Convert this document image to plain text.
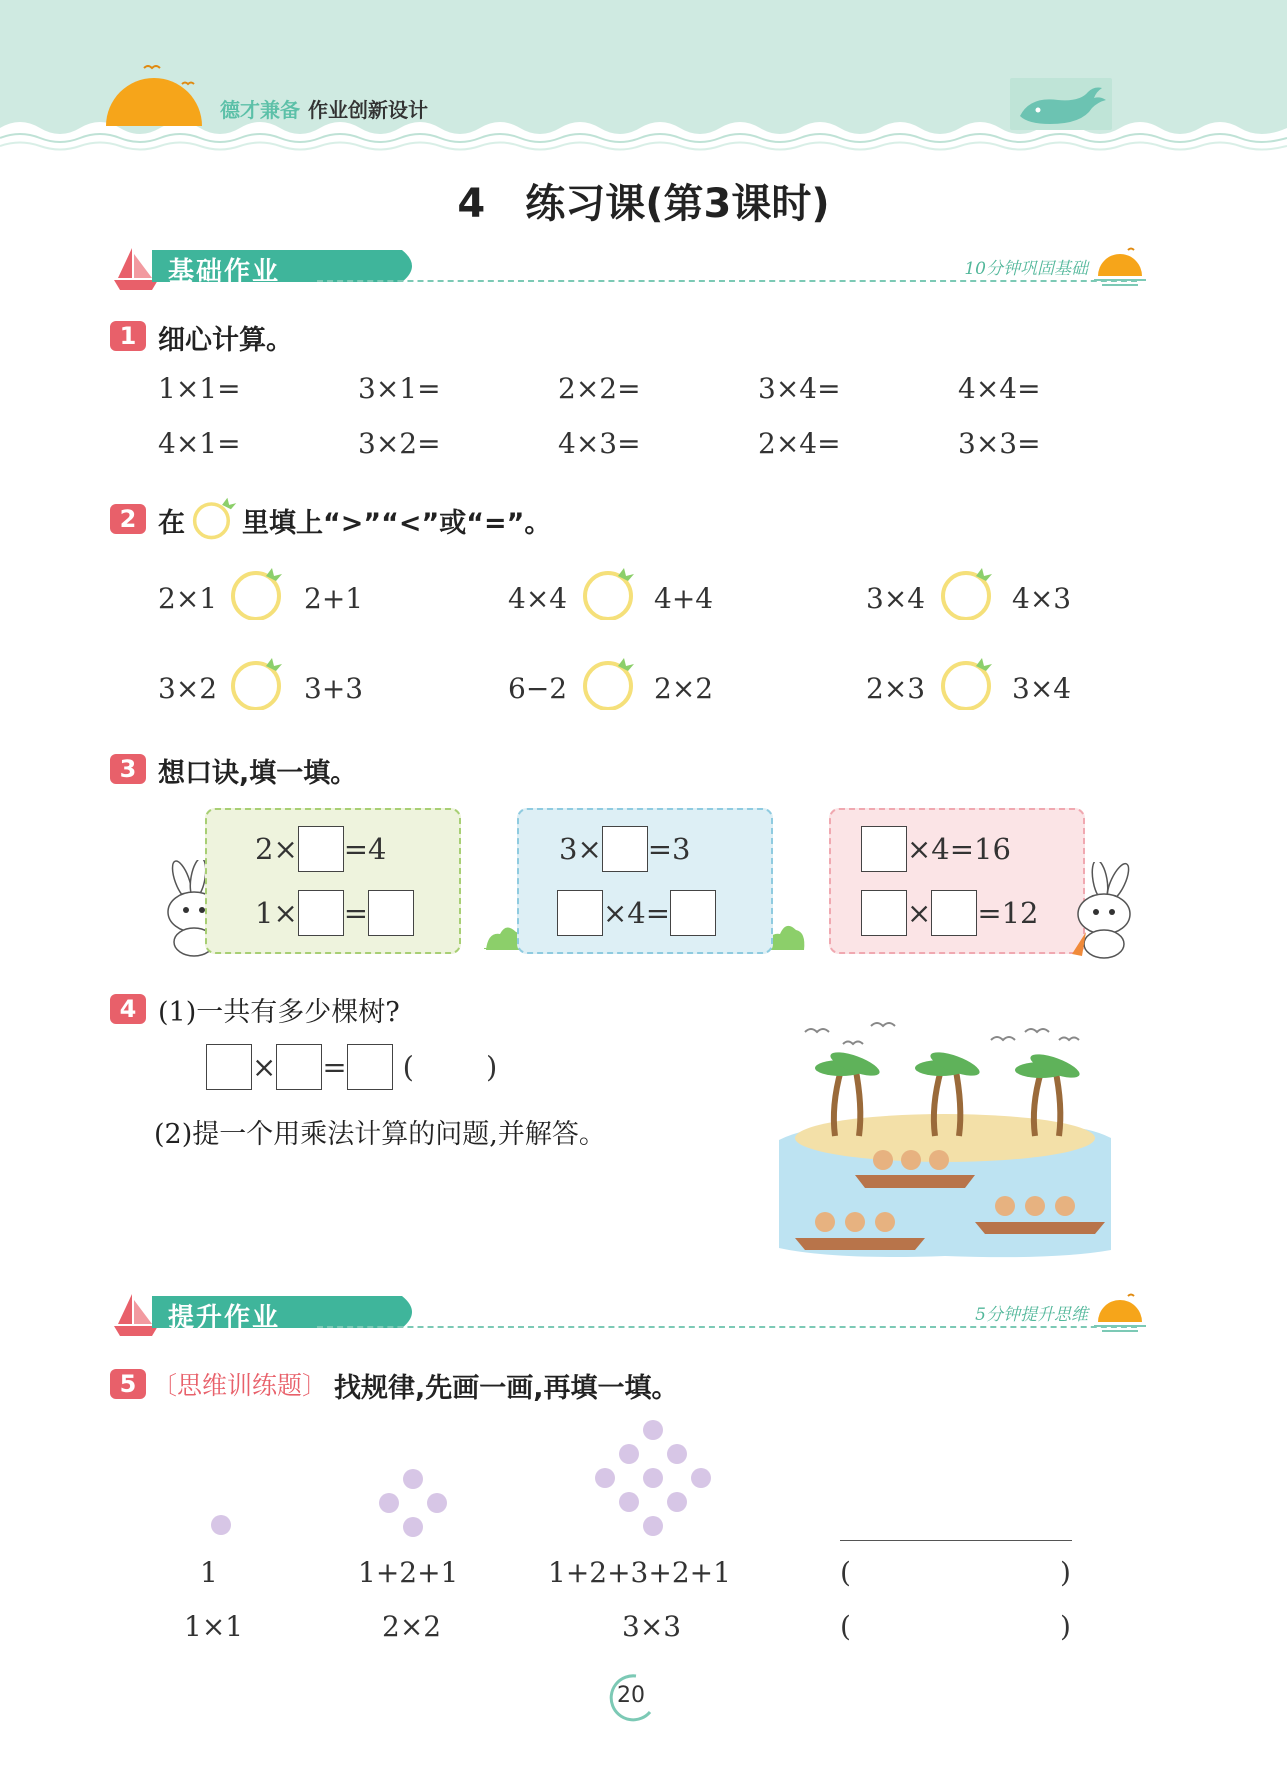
德才兼备 作业创新设计
4　练习课(第3课时)
基础作业	10分钟巩固基础
1 细心计算。
1×1=	3×1=	2×2=	3×4=	4×4=
4×1=	3×2=	4×3=	2×4=	3×3=
2 在 里填上“>”“<”或“=”。
2×1	2+1	4×4	4+4	3×4	4×3
3×2	3+3	6−2	2×2	2×3	3×4
3 想口诀,填一填。
2× =4
1× =
3× =3
×4=
×4=16
× =12
4 (1)一共有多少棵树?
× = ( )
(2)提一个用乘法计算的问题,并解答。
提升作业	5分钟提升思维
5 〔思维训练题〕 找规律,先画一画,再填一填。
1	1+2+1	1+2+3+2+1	(	)
1×1	2×2	3×3	(	)
20
